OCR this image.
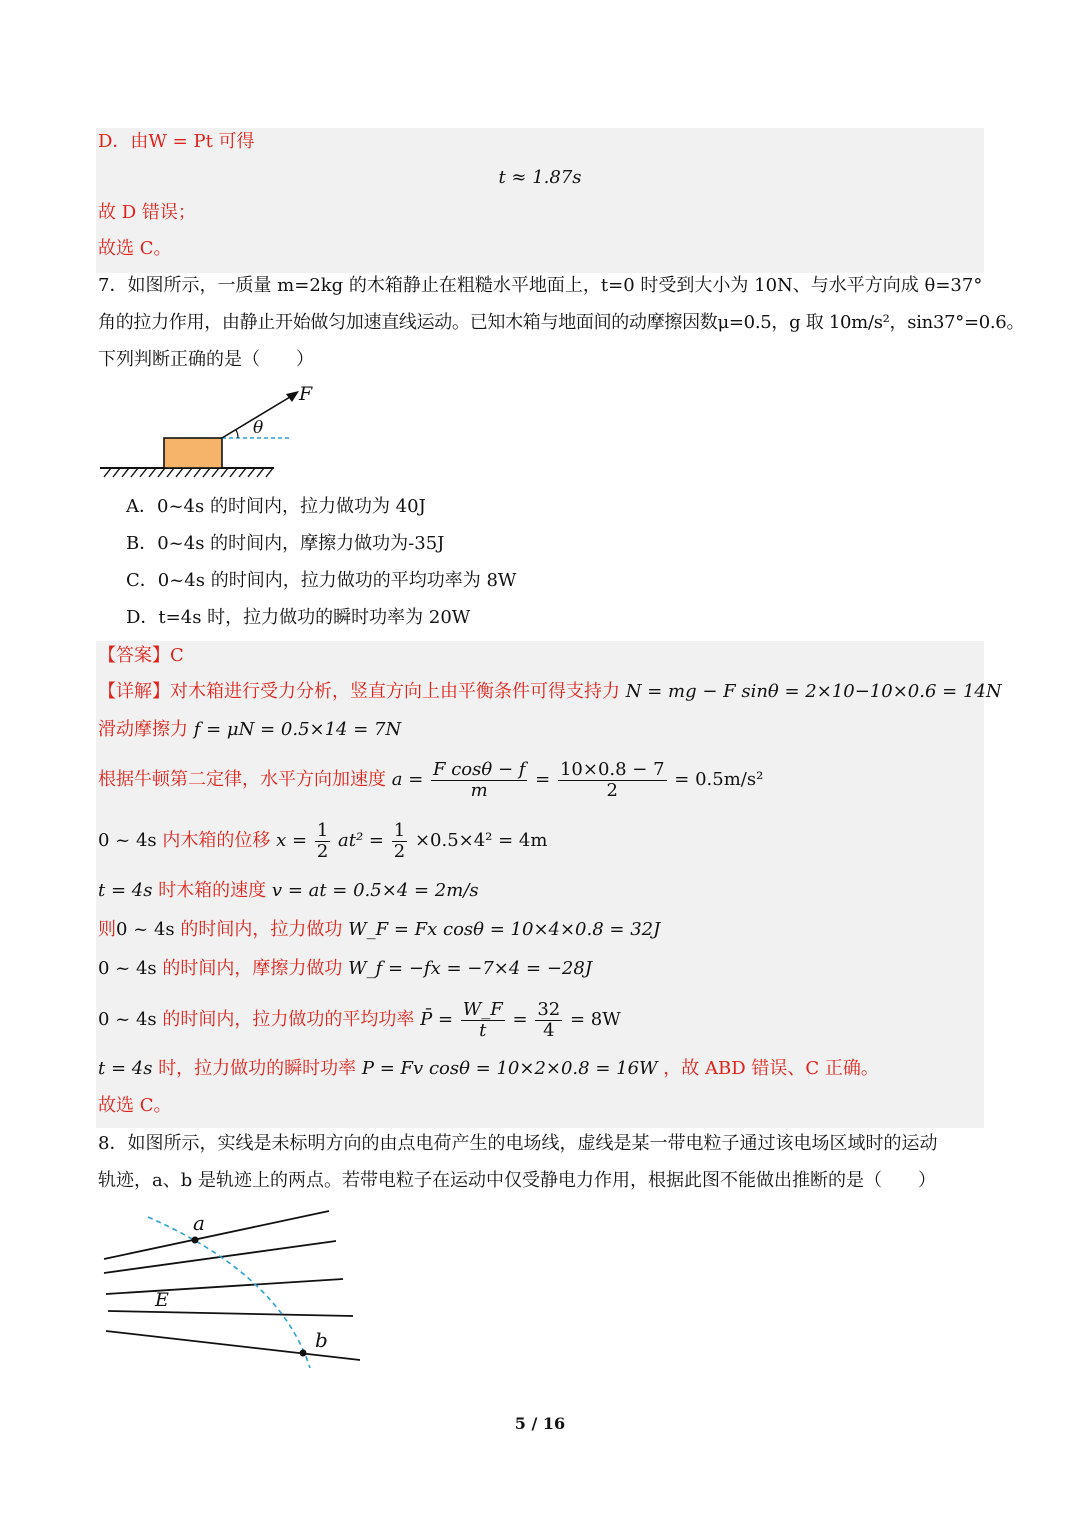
D．由W = Pt 可得
t ≈ 1.87s
故 D 错误；
故选 C。
7．如图所示，一质量 m=2kg 的木箱静止在粗糙水平地面上，t=0 时受到大小为 10N、与水平方向成 θ=37°
角的拉力作用，由静止开始做匀加速直线运动。已知木箱与地面间的动摩擦因数μ=0.5，g 取 10m/s²，sin37°=0.6。
下列判断正确的是（　　）
F
θ
A．0~4s 的时间内，拉力做功为 40J
B．0~4s 的时间内，摩擦力做功为-35J
C．0~4s 的时间内，拉力做功的平均功率为 8W
D．t=4s 时，拉力做功的瞬时功率为 20W
【答案】C
【详解】对木箱进行受力分析，竖直方向上由平衡条件可得支持力 N = mg − F sinθ = 2×10−10×0.6 = 14N
滑动摩擦力 f = μN = 0.5×14 = 7N
根据牛顿第二定律，水平方向加速度 $a = \frac{\text{F cosθ − f}}{m} = \frac{10\times 0.8 - 7}{2} = 0.5m/s^2$
0 ~ 4s 内木箱的位移 $x = \frac{1}{2} at^2 = \frac{1}{2} \times 0.5\times 4^2 = 4m$
t = 4s 时木箱的速度 v = at = 0.5×4 = 2m/s
则0 ~ 4s 的时间内，拉力做功 W_F = Fx cosθ = 10×4×0.8 = 32J
0 ~ 4s 的时间内，摩擦力做功 W_f = −fx = −7×4 = −28J
0 ~ 4s 的时间内，拉力做功的平均功率 P̄ = $\frac{W\_F}{t} = \frac{32}{4} = 8W$
t = 4s 时，拉力做功的瞬时功率 P = Fv cosθ = 10×2×0.8 = 16W ，故 ABD 错误、C 正确。
故选 C。
8．如图所示，实线是未标明方向的由点电荷产生的电场线，虚线是某一带电粒子通过该电场区域时的运动
轨迹，a、b 是轨迹上的两点。若带电粒子在运动中仅受静电力作用，根据此图不能做出推断的是（　　）
a
b
E
5 / 16
